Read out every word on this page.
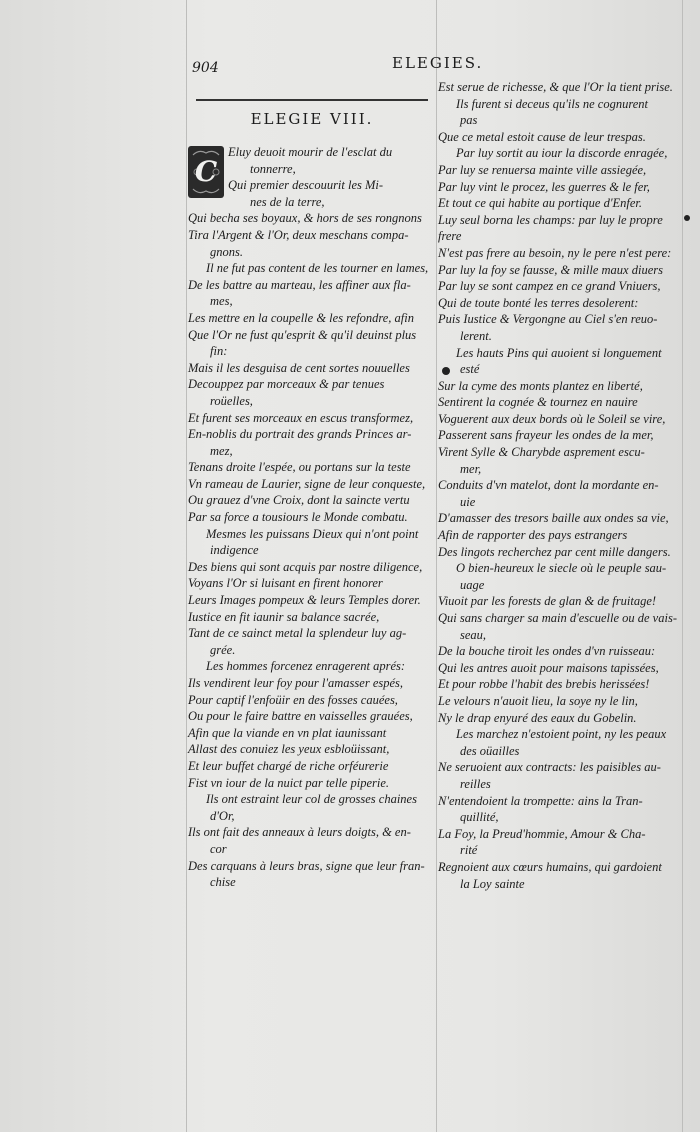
904	ELEGIES.
ELEGIE VIII.
C
Eluy deuoit mourir de l'esclat du
tonnerre,
Qui premier descouurit les Mi-
nes de la terre,
Qui becha ses boyaux, & hors de ses rongnons
Tira l'Argent & l'Or, deux meschans compa-
gnons.
Il ne fut pas content de les tourner en lames,
De les battre au marteau, les affiner aux fla-
mes,
Les mettre en la coupelle & les refondre, afin
Que l'Or ne fust qu'esprit & qu'il deuinst plus
fin:
Mais il les desguisa de cent sortes nouuelles
Decouppez par morceaux & par tenues
roüelles,
Et furent ses morceaux en escus transformez,
En-noblis du portrait des grands Princes ar-
mez,
Tenans droite l'espée, ou portans sur la teste
Vn rameau de Laurier, signe de leur conqueste,
Ou grauez d'vne Croix, dont la saincte vertu
Par sa force a tousiours le Monde combatu.
Mesmes les puissans Dieux qui n'ont point
indigence
Des biens qui sont acquis par nostre diligence,
Voyans l'Or si luisant en firent honorer
Leurs Images pompeux & leurs Temples dorer.
Iustice en fit iaunir sa balance sacrée,
Tant de ce sainct metal la splendeur luy ag-
grée.
Les hommes forcenez enragerent aprés:
Ils vendirent leur foy pour l'amasser espés,
Pour captif l'enfoüir en des fosses cauées,
Ou pour le faire battre en vaisselles grauées,
Afin que la viande en vn plat iaunissant
Allast des conuiez les yeux esbloüissant,
Et leur buffet chargé de riche orféurerie
Fist vn iour de la nuict par telle piperie.
Ils ont estraint leur col de grosses chaines
d'Or,
Ils ont fait des anneaux à leurs doigts, & en-
cor
Des carquans à leurs bras, signe que leur fran-
chise
Est serue de richesse, & que l'Or la tient prise.
Ils furent si deceus qu'ils ne cognurent
pas
Que ce metal estoit cause de leur trespas.
Par luy sortit au iour la discorde enragée,
Par luy se renuersa mainte ville assiegée,
Par luy vint le procez, les guerres & le fer,
Et tout ce qui habite au portique d'Enfer.
Luy seul borna les champs: par luy le propre
frere
N'est pas frere au besoin, ny le pere n'est pere:
Par luy la foy se fausse, & mille maux diuers
Par luy se sont campez en ce grand Vniuers,
Qui de toute bonté les terres desolerent:
Puis Iustice & Vergongne au Ciel s'en reuo-
lerent.
Les hauts Pins qui auoient si longuement
esté
Sur la cyme des monts plantez en liberté,
Sentirent la cognée & tournez en nauire
Voguerent aux deux bords où le Soleil se vire,
Passerent sans frayeur les ondes de la mer,
Virent Sylle & Charybde asprement escu-
mer,
Conduits d'vn matelot, dont la mordante en-
uie
D'amasser des tresors baille aux ondes sa vie,
Afin de rapporter des pays estrangers
Des lingots recherchez par cent mille dangers.
O bien-heureux le siecle où le peuple sau-
uage
Viuoit par les forests de glan & de fruitage!
Qui sans charger sa main d'escuelle ou de vais-
seau,
De la bouche tiroit les ondes d'vn ruisseau:
Qui les antres auoit pour maisons tapissées,
Et pour robbe l'habit des brebis herissées!
Le velours n'auoit lieu, la soye ny le lin,
Ny le drap enyuré des eaux du Gobelin.
Les marchez n'estoient point, ny les peaux
des oüailles
Ne seruoient aux contracts: les paisibles au-
reilles
N'entendoient la trompette: ains la Tran-
quillité,
La Foy, la Preud'hommie, Amour & Cha-
rité
Regnoient aux cœurs humains, qui gardoient
la Loy sainte
